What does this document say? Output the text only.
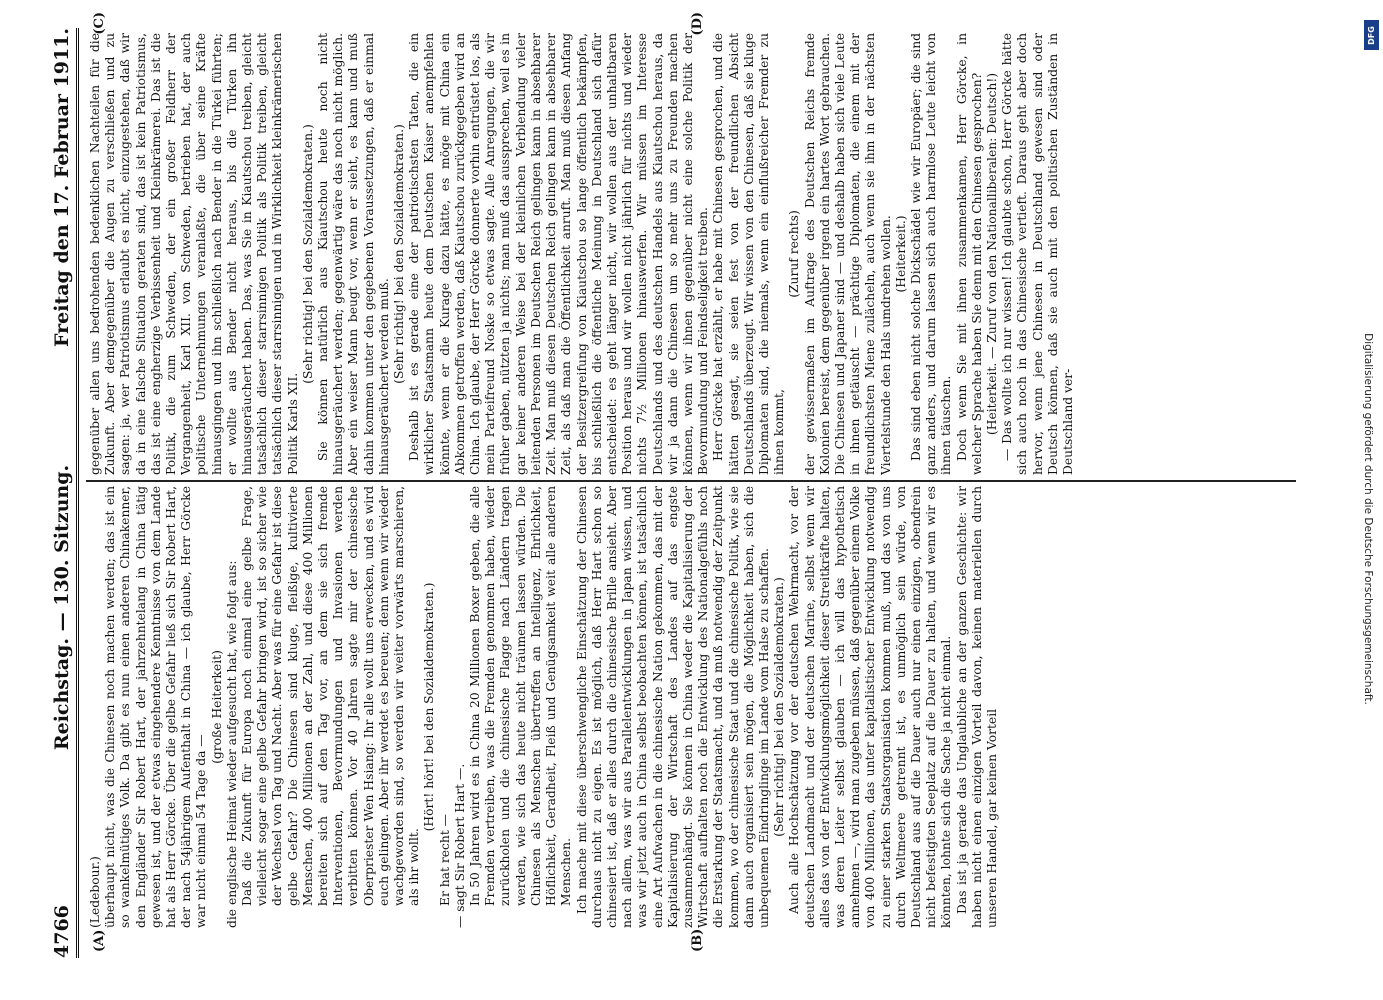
4766
Reichstag. — 130. Sitzung.
Freitag den 17. Februar 1911.
(A)	(B)
(C)	(D)

(Ledebour.) überhaupt nicht, was die Chinesen noch machen werden; das ist ein so wankelmütiges Volk. Da gibt es nun einen anderen Chinakenner, den Engländer Sir Robert Hart, der jahrzehntelang in China tätig gewesen ist, und der etwas eingehendere Kenntnisse von dem Lande hat als Herr Görcke. Über die gelbe Gefahr ließ sich Sir Robert Hart, der nach 54jährigem Aufenthalt in China — ich glaube, Herr Görcke war nicht einmal 54 Tage da —

(große Heiterkeit) die englische Heimat wieder aufgesucht hat, wie folgt aus: Daß die Zukunft für Europa noch einmal eine gelbe Frage, vielleicht sogar eine gelbe Gefahr bringen wird, ist so sicher wie der Wechsel von Tag und Nacht. Aber was für eine Gefahr ist diese gelbe Gefahr? Die Chinesen sind kluge, fleißige, kultivierte Menschen, 400 Millionen an der Zahl, und diese 400 Millionen bereiten sich auf den Tag vor, an dem sie sich fremde Interventionen, Bevormundungen und Invasionen werden verbitten können. Vor 40 Jahren sagte mir der chinesische Oberpriester Wen Hsiang: Ihr alle wollt uns erwecken, und es wird euch gelingen. Aber ihr werdet es bereuen; denn wenn wir wieder wachgeworden sind, so werden wir weiter vorwärts marschieren, als ihr wollt.

(Hört! hört! bei den Sozialdemokraten.)

Er hat recht — — sagt Sir Robert Hart —. In 50 Jahren wird es in China 20 Millionen Boxer geben, die alle Fremden vertreiben, was die Fremden genommen haben, wieder zurückholen und die chinesische Flagge nach Ländern tragen werden, wie sich das heute nicht träumen lassen würden. Die Chinesen als Menschen übertreffen an Intelligenz, Ehrlichkeit, Höflichkeit, Geradheit, Fleiß und Genügsamkeit weit alle anderen Menschen. Ich mache mit diese überschwengliche Einschätzung der Chinesen durchaus nicht zu eigen. Es ist möglich, daß Herr Hart schon so chinesiert ist, daß er alles durch die chinesische Brille ansieht. Aber nach allem, was wir aus Parallelentwicklungen in Japan wissen, und was wir jetzt auch in China selbst beobachten können, ist tatsächlich eine Art Aufwachen in die chinesische Nation gekommen, das mit der Kapitalisierung der Wirtschaft des Landes auf das engste zusammenhängt. Sie können in China weder die Kapitalisierung der Wirtschaft aufhalten noch die Entwicklung des Nationalgefühls noch die Erstarkung der Staatsmacht, und da muß notwendig der Zeitpunkt kommen, wo der chinesische Staat und die chinesische Politik, wie sie dann auch organisiert sein mögen, die Möglichkeit haben, sich die unbequemen Eindringlinge im Lande vom Halse zu schaffen. (Sehr richtig! bei den Sozialdemokraten.) Auch alle Hochschätzung vor der deutschen Wehrmacht, vor der deutschen Landmacht und der deutschen Marine, selbst wenn wir alles das von der Entwicklungsmöglichkeit dieser Streitkräfte halten, was deren Leiter selbst glauben — ich will das hypothetisch annehmen —, wird man zugeben müssen, daß gegenüber einem Volke von 400 Millionen, das unter kapitalistischer Entwicklung notwendig zu einer starken Staatsorganisation kommen muß, und das von uns durch Weltmeere getrennt ist, es unmöglich sein würde, von Deutschland aus auf die Dauer auch nur einen einzigen, obendrein nicht befestigten Seeplatz auf die Dauer zu halten, und wenn wir es könnten, lohnte sich die Sache ja nicht einmal. Das ist ja gerade das Unglaubliche an der ganzen Geschichte: wir haben nicht einen einzigen Vorteil davon, keinen materiellen durch unseren Handel, gar keinen Vorteil

gegenüber allen uns bedrohenden bedenklichen Nachteilen für die Zukunft. Aber demgegenüber die Augen zu verschließen und zu sagen: ja, wer Patriotismus erlaubt es nicht, einzugestehen, daß wir da in eine falsche Situation geraten sind, das ist kein Patriotismus, das ist eine engherzige Verbissenheit und Kleinkrämerei. Das ist die Politik, die zum Schweden, der ein großer Feldherr der Vergangenheit, Karl XII. von Schweden, betrieben hat, der auch politische Unternehmungen veranlaßte, die über seine Kräfte hinausgingen und ihn schließlich nach Bender in die Türkei führten; er wollte aus Bender nicht heraus, bis die Türken ihn hinausgeräuchert haben. Das, was Sie in Kiautschou treiben, gleicht tatsächlich dieser starrsinnigen Politik als Politik treiben, gleicht tatsächlich dieser starrsinnigen und in Wirklichkeit kleinkrämerischen Politik Karls XII.

(Sehr richtig! bei den Sozialdemokraten.) Sie können natürlich aus Kiautschou heute noch nicht hinausgeräuchert werden; gegenwärtig wäre das noch nicht möglich. Aber ein weiser Mann beugt vor, wenn er sieht, es kann und muß dahin kommen unter den gegebenen Voraussetzungen, daß er einmal hinausgeräuchert werden muß. (Sehr richtig! bei den Sozialdemokraten.) Deshalb ist es gerade eine der patriotischsten Taten, die ein wirklicher Staatsmann heute dem Deutschen Kaiser anempfehlen könnte, wenn er die Kurage dazu hätte, es möge mit China ein Abkommen getroffen werden, daß Kiautschou zurückgegeben wird an China. Ich glaube, der Herr Görcke donnerte vorhin entrüstet los, als mein Parteifreund Noske so etwas sagte. Alle Anregungen, die wir früher gaben, nützten ja nichts; man muß das aussprechen, weil es in gar keiner anderen Weise bei der kleinlichen Verblendung vieler leitenden Personen im Deutschen Reich gelingen kann in absehbarer Zeit. Man muß diesen Deutschen Reich gelingen kann in absehbarer Zeit, als daß man die Öffentlichkeit anruft. Man muß diesen Anfang der Besitzergreifung von Kiautschou so lange öffentlich bekämpfen, bis schließlich die öffentliche Meinung in Deutschland sich dafür entscheidet: es geht länger nicht, wir wollen aus der unhaltbaren Position heraus und wir wollen nicht jährlich für nichts und wieder nichts 7½ Millionen hinauswerfen. Wir müssen im Interesse Deutschlands und des deutschen Handels aus Kiautschou heraus, da wir ja dann die Chinesen um so mehr uns zu Freunden machen können, wenn wir ihnen gegenüber nicht eine solche Politik der Bevormundung und Feindseligkeit treiben. Herr Görcke hat erzählt, er habe mit Chinesen gesprochen, und die hätten gesagt, sie seien fest von der freundlichen Absicht Deutschlands überzeugt. Wir wissen von den Chinesen, daß sie kluge Diplomaten sind, die niemals, wenn ein einflußreicher Fremder zu ihnen kommt,

(Zuruf rechts) der gewissermaßen im Auftrage des Deutschen Reichs fremde Kolonien bereist, dem gegenüber irgend ein hartes Wort gebrauchen. Die Chinesen und Japaner sind — und deshalb haben sich viele Leute in ihnen getäuscht — prächtige Diplomaten, die einem mit der freundlichsten Miene zulächeln, auch wenn sie ihm in der nächsten Viertelstunde den Hals umdrehen wollen. (Heiterkeit.) Das sind eben nicht solche Dickschädel wie wir Europäer; die sind ganz anders, und darum lassen sich auch harmlose Leute leicht von ihnen täuschen. Doch wenn Sie mit ihnen zusammenkamen, Herr Görcke, in welcher Sprache haben Sie denn mit den Chinesen gesprochen? (Heiterkeit. — Zuruf von den Nationalliberalen: Deutsch!) — Das wollte ich nur wissen! Ich glaubte schon, Herr Görcke hätte sich auch noch in das Chinesische vertieft. Daraus geht aber doch hervor, wenn jene Chinesen in Deutschland gewesen sind oder Deutsch können, daß sie auch mit den politischen Zuständen in Deutschland ver-

DFG
Digitalisierung gefördert durch die Deutsche Forschungsgemeinschaft.
